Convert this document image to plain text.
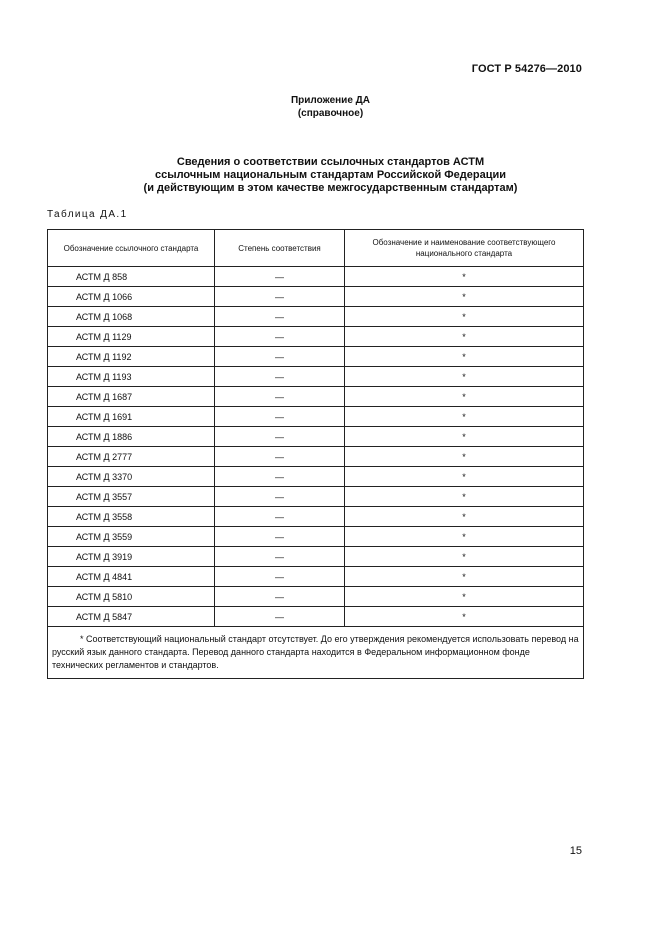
ГОСТ Р 54276—2010
Приложение ДА
(справочное)
Сведения о соответствии ссылочных стандартов АСТМ
ссылочным национальным стандартам Российской Федерации
(и действующим в этом качестве межгосударственным стандартам)
Таблица ДА.1
Обозначение ссылочного стандарта	Степень соответствия	Обозначение и наименование соответствующего национального стандарта
АСТМ Д 858	—	*
АСТМ Д 1066	—	*
АСТМ Д 1068	—	*
АСТМ Д 1129	—	*
АСТМ Д 1192	—	*
АСТМ Д 1193	—	*
АСТМ Д 1687	—	*
АСТМ Д 1691	—	*
АСТМ Д 1886	—	*
АСТМ Д 2777	—	*
АСТМ Д 3370	—	*
АСТМ Д 3557	—	*
АСТМ Д 3558	—	*
АСТМ Д 3559	—	*
АСТМ Д 3919	—	*
АСТМ Д 4841	—	*
АСТМ Д 5810	—	*
АСТМ Д 5847	—	*

* Соответствующий национальный стандарт отсутствует. До его утверждения рекомендуется использовать перевод на русский язык данного стандарта. Перевод данного стандарта находится в Федеральном информационном фонде технических регламентов и стандартов.		
15
